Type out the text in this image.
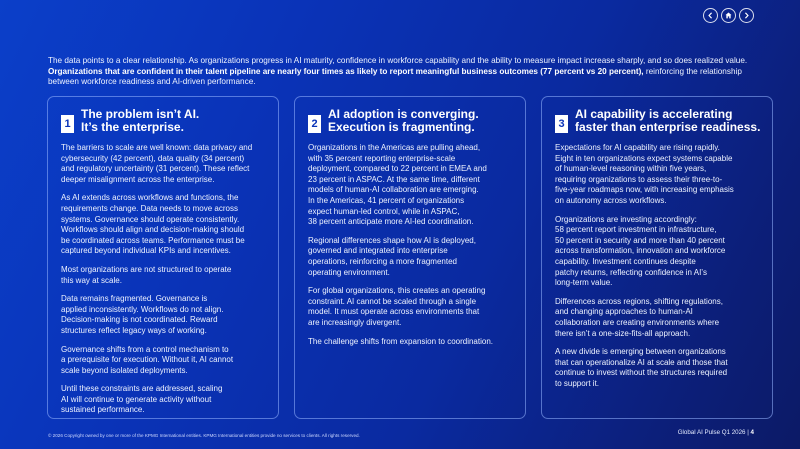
The data points to a clear relationship. As organizations progress in AI maturity, confidence in workforce capability and the ability to measure impact increase sharply, and so does realized value. Organizations that are confident in their talent pipeline are nearly four times as likely to report meaningful business outcomes (77 percent vs 20 percent), reinforcing the relationship between workforce readiness and AI-driven performance.

1
The problem isn’t AI.
It’s the enterprise.

The barriers to scale are well known: data privacy and
cybersecurity (42 percent), data quality (34 percent)
and regulatory uncertainty (31 percent). These reflect
deeper misalignment across the enterprise.

As AI extends across workflows and functions, the
requirements change. Data needs to move across
systems. Governance should operate consistently.
Workflows should align and decision-making should
be coordinated across teams. Performance must be
captured beyond individual KPIs and incentives.

Most organizations are not structured to operate
this way at scale.

Data remains fragmented. Governance is
applied inconsistently. Workflows do not align.
Decision-making is not coordinated. Reward
structures reflect legacy ways of working.

Governance shifts from a control mechanism to
a prerequisite for execution. Without it, AI cannot
scale beyond isolated deployments.

Until these constraints are addressed, scaling
AI will continue to generate activity without
sustained performance.

2
AI adoption is converging.
Execution is fragmenting.

Organizations in the Americas are pulling ahead,
with 35 percent reporting enterprise-scale
deployment, compared to 22 percent in EMEA and
23 percent in ASPAC. At the same time, different
models of human-AI collaboration are emerging.
In the Americas, 41 percent of organizations
expect human-led control, while in ASPAC,
38 percent anticipate more AI-led coordination.

Regional differences shape how AI is deployed,
governed and integrated into enterprise
operations, reinforcing a more fragmented
operating environment.

For global organizations, this creates an operating
constraint. AI cannot be scaled through a single
model. It must operate across environments that
are increasingly divergent.

The challenge shifts from expansion to coordination.

3
AI capability is accelerating
faster than enterprise readiness.

Expectations for AI capability are rising rapidly.
Eight in ten organizations expect systems capable
of human-level reasoning within five years,
requiring organizations to assess their three-to-
five-year roadmaps now, with increasing emphasis
on autonomy across workflows.

Organizations are investing accordingly:
58 percent report investment in infrastructure,
50 percent in security and more than 40 percent
across transformation, innovation and workforce
capability. Investment continues despite
patchy returns, reflecting confidence in AI’s
long-term value.

Differences across regions, shifting regulations,
and changing approaches to human-AI
collaboration are creating environments where
there isn’t a one-size-fits-all approach.

A new divide is emerging between organizations
that can operationalize AI at scale and those that
continue to invest without the structures required
to support it.

© 2026 Copyright owned by one or more of the KPMG International entities. KPMG International entities provide no services to clients. All rights reserved.	Global AI Pulse Q1 2026 | 4
